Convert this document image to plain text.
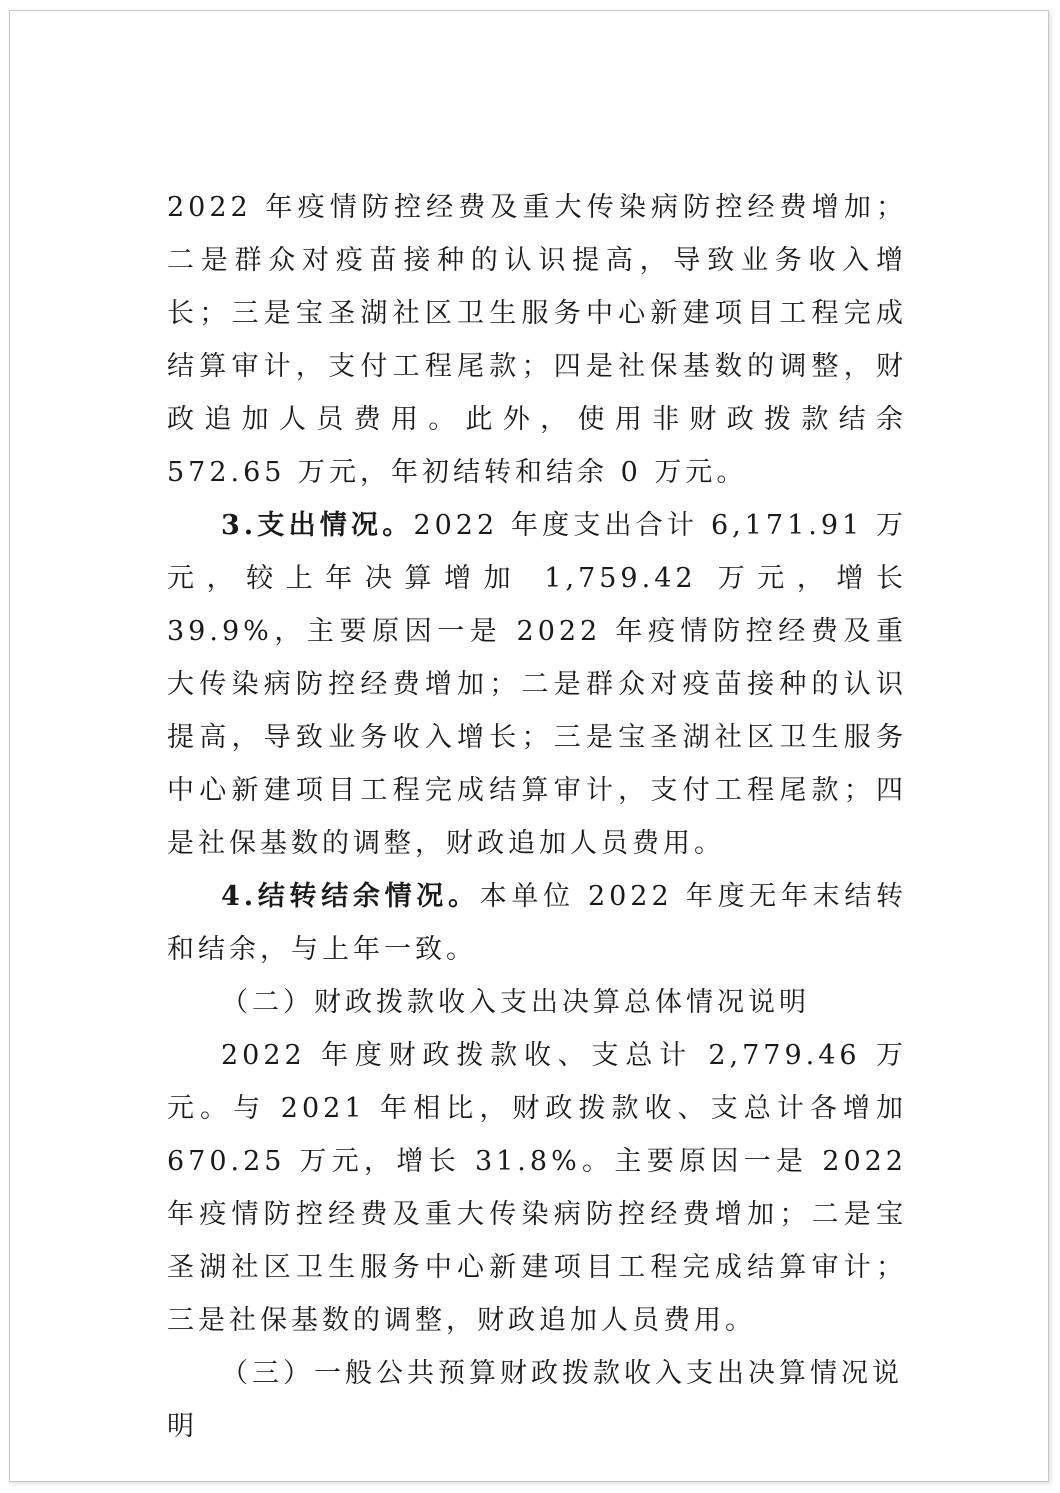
2022 年疫情防控经费及重大传染病防控经费增加；二是群众对疫苗接种的认识提高，导致业务收入增长；三是宝圣湖社区卫生服务中心新建项目工程完成结算审计，支付工程尾款；四是社保基数的调整，财政追加人员费用。此外，使用非财政拨款结余 572.65 万元，年初结转和结余 0 万元。

3.支出情况。2022 年度支出合计 6,171.91 万元，较上年决算增加 1,759.42 万元，增长 39.9%，主要原因一是 2022 年疫情防控经费及重大传染病防控经费增加；二是群众对疫苗接种的认识提高，导致业务收入增长；三是宝圣湖社区卫生服务中心新建项目工程完成结算审计，支付工程尾款；四是社保基数的调整，财政追加人员费用。

4.结转结余情况。本单位 2022 年度无年末结转和结余，与上年一致。

（二）财政拨款收入支出决算总体情况说明

2022 年度财政拨款收、支总计 2,779.46 万元。与 2021 年相比，财政拨款收、支总计各增加 670.25 万元，增长 31.8%。主要原因一是 2022 年疫情防控经费及重大传染病防控经费增加；二是宝圣湖社区卫生服务中心新建项目工程完成结算审计；三是社保基数的调整，财政追加人员费用。

（三）一般公共预算财政拨款收入支出决算情况说明
